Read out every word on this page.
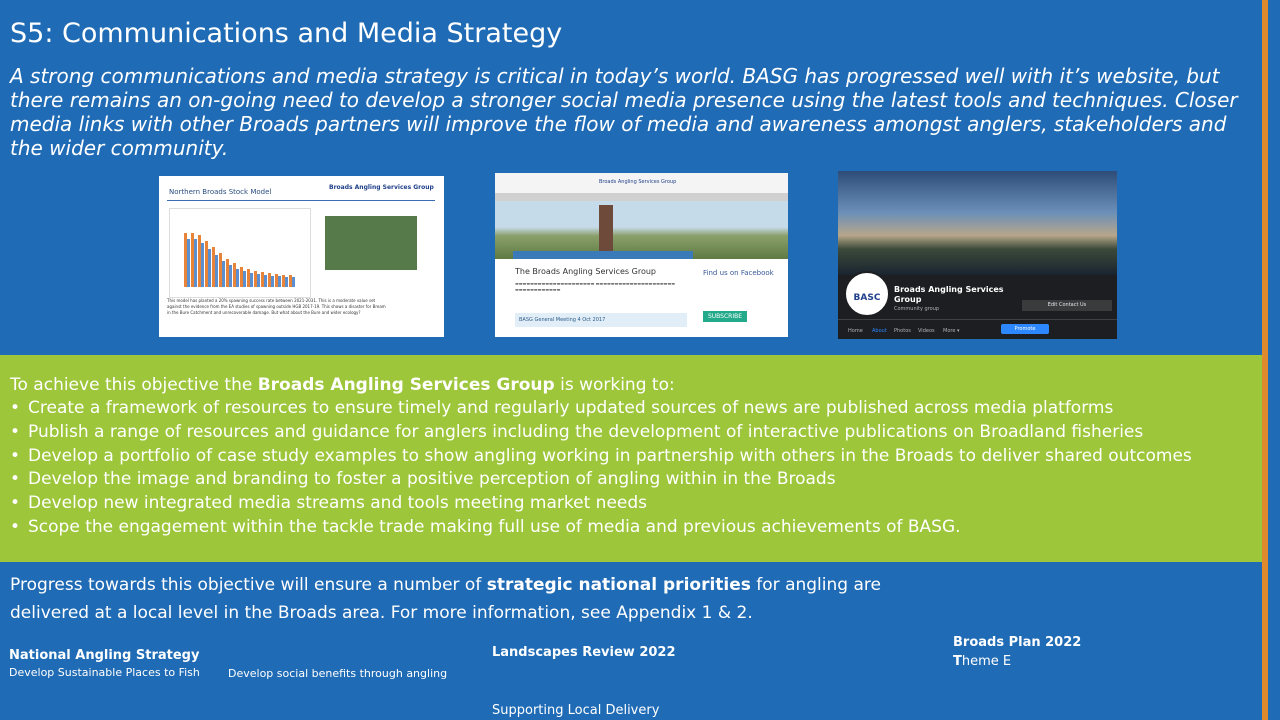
S5: Communications and Media Strategy
A strong communications and media strategy is critical in today’s world. BASG has progressed well with it’s website, but there remains an on-going need to develop a stronger social media presence using the latest tools and techniques. Closer media links with other Broads partners will improve the flow of media and awareness amongst anglers, stakeholders and the wider community.
Northern Broads Stock Model
Broads Angling Services Group
This model has planted a 20% spawning success rate between 2021-2031. This is a moderate value set against the evidence from the EA studies of spawning outside HGB 2017-19. This shows a disaster for Bream in the Bure Catchment and unrecoverable damage. But what about the Bure and wider ecology?
Broads Angling Services Group
The Broads Angling Services Group
▬▬▬▬▬▬▬▬▬▬▬▬▬▬▬▬▬▬▬▬▬ ▬▬▬▬▬▬▬▬▬▬▬▬▬▬▬▬▬▬▬▬▬ ▬▬▬▬▬▬▬▬▬▬▬▬
Find us on Facebook
SUBSCRIBE
BASG General Meeting 4 Oct 2017
BASC
Broads Angling Services Group
Community group
Edit Contact Us
Home About Photos Videos More ▾	Promote
To achieve this objective the Broads Angling Services Group is working to:
• Create a framework of resources to ensure timely and regularly updated sources of news are published across media platforms
• Publish a range of resources and guidance for anglers including the development of interactive publications on Broadland fisheries
• Develop a portfolio of case study examples to show angling working in partnership with others in the Broads to deliver shared outcomes
• Develop the image and branding to foster a positive perception of angling within in the Broads
• Develop new integrated media streams and tools meeting market needs
• Scope the engagement within the tackle trade making full use of media and previous achievements of BASG.
Progress towards this objective will ensure a number of strategic national priorities for angling are delivered at a local level in the Broads area. For more information, see Appendix 1 & 2.
National Angling Strategy
Develop Sustainable Places to Fish	Develop social benefits through angling
Landscapes Review 2022
Supporting Local Delivery
Broads Plan 2022
Theme E
